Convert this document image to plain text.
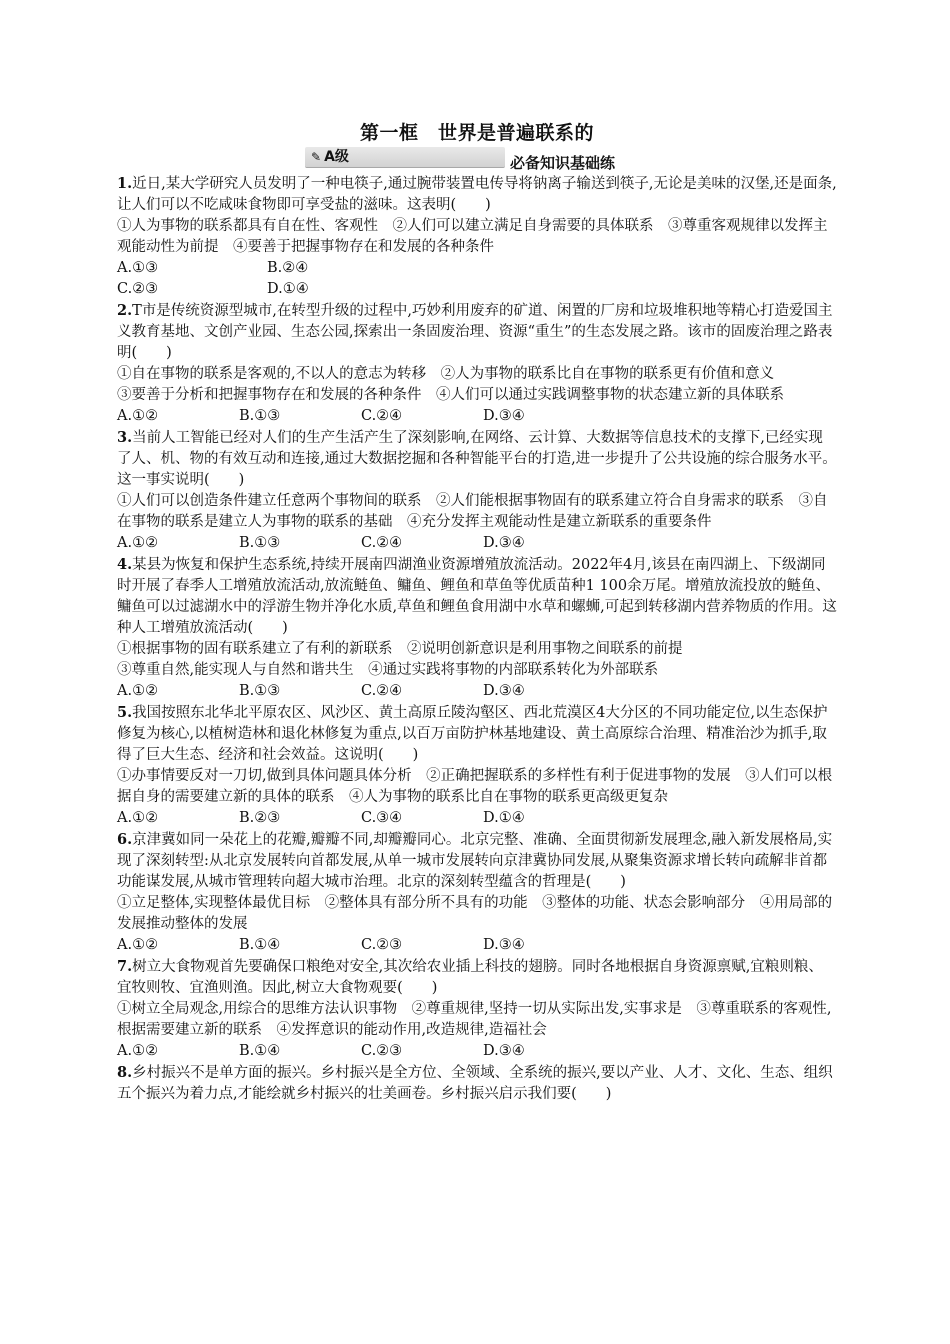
第一框　世界是普遍联系的
✎ A级	必备知识基础练

1.近日,某大学研究人员发明了一种电筷子,通过腕带装置电传导将钠离子输送到筷子,无论是美味的汉堡,还是面条,让人们可以不吃咸味食物即可享受盐的滋味。这表明(　　)

①人为事物的联系都具有自在性、客观性　②人们可以建立满足自身需要的具体联系　③尊重客观规律以发挥主观能动性为前提　④要善于把握事物存在和发展的各种条件

A.①③	B.②④
C.②③	D.①④

2.T市是传统资源型城市,在转型升级的过程中,巧妙利用废弃的矿道、闲置的厂房和垃圾堆积地等精心打造爱国主义教育基地、文创产业园、生态公园,探索出一条固废治理、资源“重生”的生态发展之路。该市的固废治理之路表明(　　)

①自在事物的联系是客观的,不以人的意志为转移　②人为事物的联系比自在事物的联系更有价值和意义

③要善于分析和把握事物存在和发展的各种条件　④人们可以通过实践调整事物的状态建立新的具体联系

A.①②	B.①③	C.②④	D.③④

3.当前人工智能已经对人们的生产生活产生了深刻影响,在网络、云计算、大数据等信息技术的支撑下,已经实现了人、机、物的有效互动和连接,通过大数据挖掘和各种智能平台的打造,进一步提升了公共设施的综合服务水平。这一事实说明(　　)

①人们可以创造条件建立任意两个事物间的联系　②人们能根据事物固有的联系建立符合自身需求的联系　③自在事物的联系是建立人为事物的联系的基础　④充分发挥主观能动性是建立新联系的重要条件

A.①②	B.①③	C.②④	D.③④

4.某县为恢复和保护生态系统,持续开展南四湖渔业资源增殖放流活动。2022年4月,该县在南四湖上、下级湖同时开展了春季人工增殖放流活动,放流鲢鱼、鳙鱼、鲤鱼和草鱼等优质苗种1 100余万尾。增殖放流投放的鲢鱼、鳙鱼可以过滤湖水中的浮游生物并净化水质,草鱼和鲤鱼食用湖中水草和螺蛳,可起到转移湖内营养物质的作用。这种人工增殖放流活动(　　)

①根据事物的固有联系建立了有利的新联系　②说明创新意识是利用事物之间联系的前提

③尊重自然,能实现人与自然和谐共生　④通过实践将事物的内部联系转化为外部联系

A.①②	B.①③	C.②④	D.③④

5.我国按照东北华北平原农区、风沙区、黄土高原丘陵沟壑区、西北荒漠区4大分区的不同功能定位,以生态保护修复为核心,以植树造林和退化林修复为重点,以百万亩防护林基地建设、黄土高原综合治理、精准治沙为抓手,取得了巨大生态、经济和社会效益。这说明(　　)

①办事情要反对一刀切,做到具体问题具体分析　②正确把握联系的多样性有利于促进事物的发展　③人们可以根据自身的需要建立新的具体的联系　④人为事物的联系比自在事物的联系更高级更复杂

A.①②	B.②③	C.③④	D.①④

6.京津冀如同一朵花上的花瓣,瓣瓣不同,却瓣瓣同心。北京完整、准确、全面贯彻新发展理念,融入新发展格局,实现了深刻转型:从北京发展转向首都发展,从单一城市发展转向京津冀协同发展,从聚集资源求增长转向疏解非首都功能谋发展,从城市管理转向超大城市治理。北京的深刻转型蕴含的哲理是(　　)

①立足整体,实现整体最优目标　②整体具有部分所不具有的功能　③整体的功能、状态会影响部分　④用局部的发展推动整体的发展

A.①②	B.①④	C.②③	D.③④

7.树立大食物观首先要确保口粮绝对安全,其次给农业插上科技的翅膀。同时各地根据自身资源禀赋,宜粮则粮、宜牧则牧、宜渔则渔。因此,树立大食物观要(　　)

①树立全局观念,用综合的思维方法认识事物　②尊重规律,坚持一切从实际出发,实事求是　③尊重联系的客观性,根据需要建立新的联系　④发挥意识的能动作用,改造规律,造福社会

A.①②	B.①④	C.②③	D.③④

8.乡村振兴不是单方面的振兴。乡村振兴是全方位、全领域、全系统的振兴,要以产业、人才、文化、生态、组织五个振兴为着力点,才能绘就乡村振兴的壮美画卷。乡村振兴启示我们要(　　)
